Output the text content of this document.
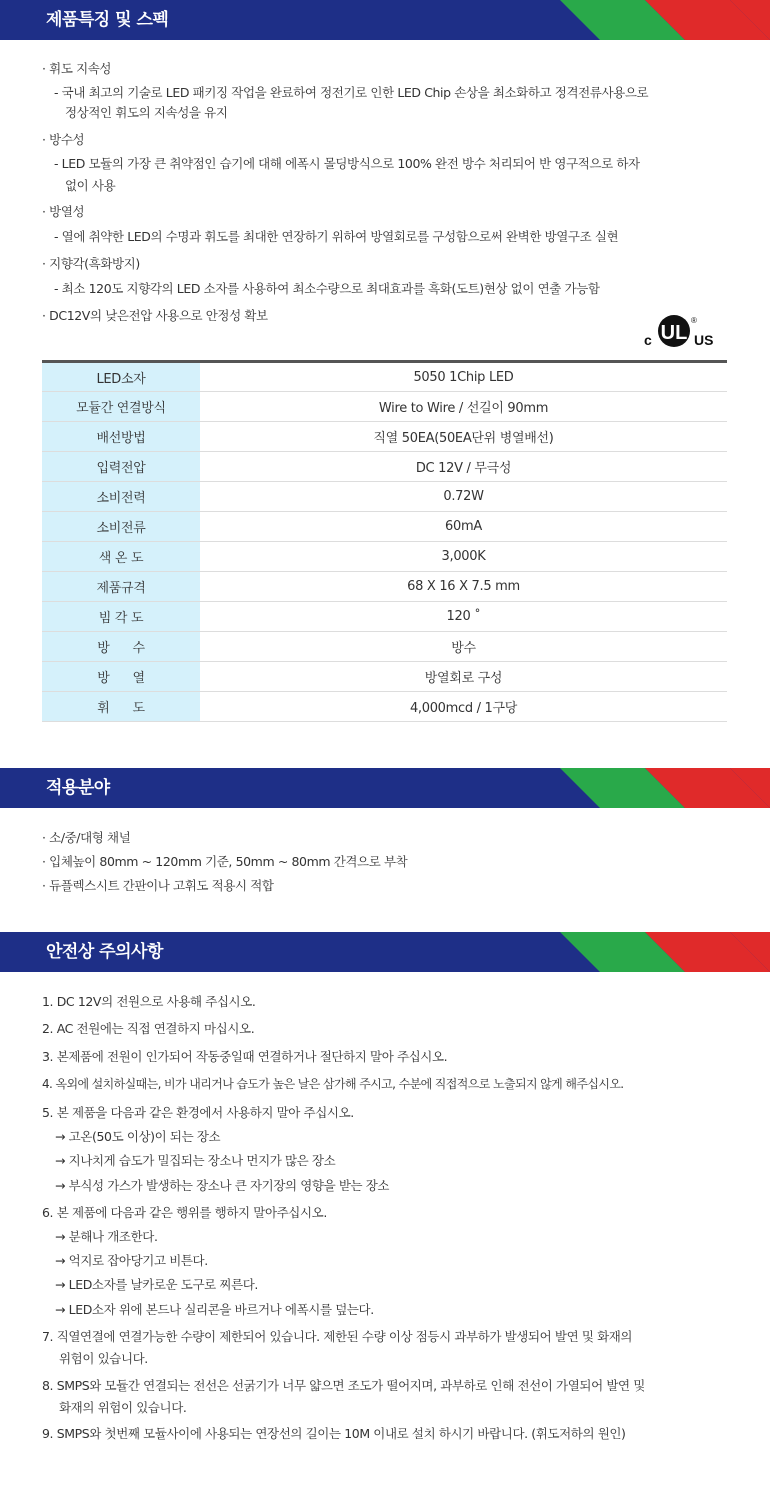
제품특징 및 스펙
· 휘도 지속성
- 국내 최고의 기술로 LED 패키징 작업을 완료하여 정전기로 인한 LED Chip 손상을 최소화하고 정격전류사용으로
정상적인 휘도의 지속성을 유지
· 방수성
- LED 모듈의 가장 큰 취약점인 습기에 대해 에폭시 몰딩방식으로 100% 완전 방수 처리되어 반 영구적으로 하자
없이 사용
· 방열성
- 열에 취약한 LED의 수명과 휘도를 최대한 연장하기 위하여 방열회로를 구성함으로써 완벽한 방열구조 실현
· 지향각(흑화방지)
- 최소 120도 지향각의 LED 소자를 사용하여 최소수량으로 최대효과를 흑화(도트)현상 없이 연출 가능함
· DC12V의 낮은전압 사용으로 안정성 확보
c UL
®
US
LED소자	5050 1Chip LED
모듈간 연결방식	Wire to Wire / 선길이 90mm
배선방법	직열 50EA(50EA단위 병열배선)
입력전압	DC 12V / 무극성
소비전력	0.72W
소비전류	60mA
색 온 도	3,000K
제품규격	68 X 16 X 7.5 mm
빔 각 도	120 ˚
방      수	방수
방      열	방열회로 구성
휘      도	4,000mcd / 1구당
적용분야
· 소/중/대형 채널
· 입체높이 80mm ~ 120mm 기준, 50mm ~ 80mm 간격으로 부착
· 듀플렉스시트 간판이나 고휘도 적용시 적합
안전상 주의사항
1. DC 12V의 전원으로 사용해 주십시오.
2. AC 전원에는 직접 연결하지 마십시오.
3. 본제품에 전원이 인가되어 작동중일때 연결하거나 절단하지 말아 주십시오.
4. 옥외에 설치하실때는, 비가 내리거나 습도가 높은 날은 삼가해 주시고, 수분에 직접적으로 노출되지 않게 해주십시오.
5. 본 제품을 다음과 같은 환경에서 사용하지 말아 주십시오.
→ 고온(50도 이상)이 되는 장소
→ 지나치게 습도가 밀집되는 장소나 먼지가 많은 장소
→ 부식성 가스가 발생하는 장소나 큰 자기장의 영향을 받는 장소
6. 본 제품에 다음과 같은 행위를 행하지 말아주십시오.
→ 분해나 개조한다.
→ 억지로 잡아당기고 비튼다.
→ LED소자를 날카로운 도구로 찌른다.
→ LED소자 위에 본드나 실리콘을 바르거나 에폭시를 덮는다.
7. 직열연결에 연결가능한 수량이 제한되어 있습니다. 제한된 수량 이상 점등시 과부하가 발생되어 발연 및 화재의
위험이 있습니다.
8. SMPS와 모듈간 연결되는 전선은 선굵기가 너무 얇으면 조도가 떨어지며, 과부하로 인해 전선이 가열되어 발연 및
화재의 위험이 있습니다.
9. SMPS와 첫번째 모듈사이에 사용되는 연장선의 길이는 10M 이내로 설치 하시기 바랍니다. (휘도저하의 원인)
